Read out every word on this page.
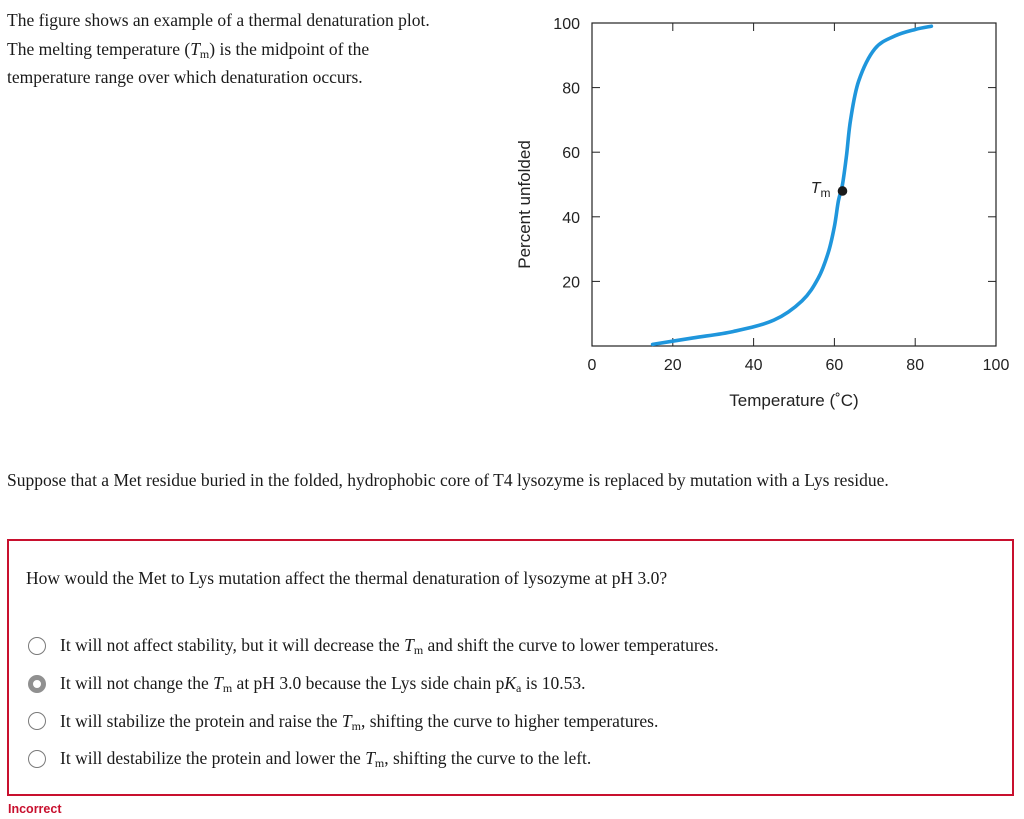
The figure shows an example of a thermal denaturation plot.
The melting temperature $(T_m)$ is the midpoint of the
temperature range over which denaturation occurs.
0	20	40	60	80	100
20
40
60
80
100
Temperature (˚C)
Percent unfolded	$T_m$
Suppose that a Met residue buried in the folded, hydrophobic core of T4 lysozyme is replaced by mutation with a Lys residue.
How would the Met to Lys mutation affect the thermal denaturation of lysozyme at pH 3.0?
It will not affect stability, but it will decrease the $T_m$ and shift the curve to lower temperatures.
It will not change the $T_m$ at pH 3.0 because the Lys side chain $pK_a$ is 10.53.
It will stabilize the protein and raise the $T_m$, shifting the curve to higher temperatures.
It will destabilize the protein and lower the $T_m$, shifting the curve to the left.
Incorrect
